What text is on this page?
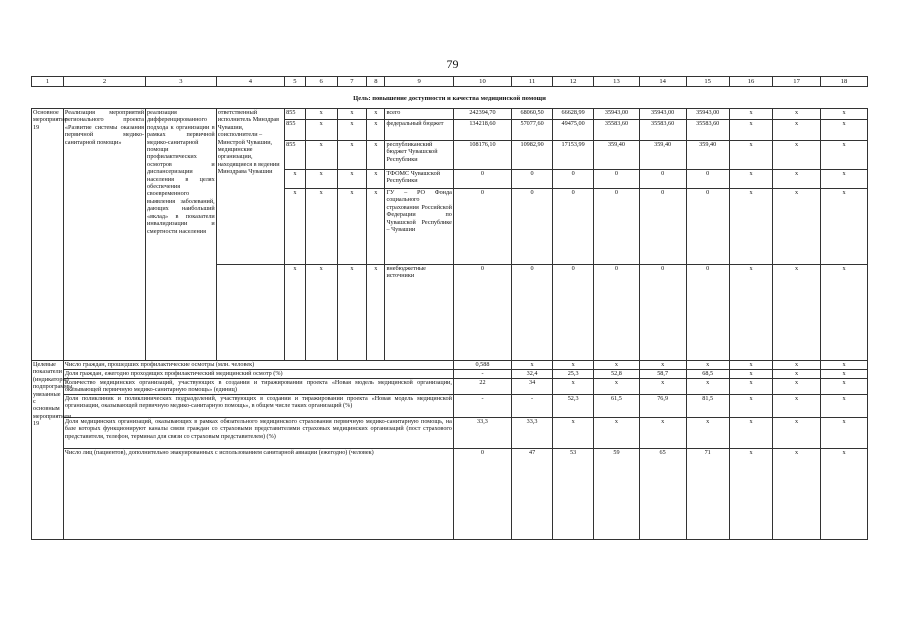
79
1	2	3	4	5	6	7	8	9	10	11	12	13	14	15	16	17	18
Цель: повышение доступности и качества медицинской помощи																	
Основное мероприятие 19	Реализация мероприятий регионального проекта «Развитие системы оказания первичной медико-санитарной помощи»	реализация дифференцированного подхода к организации в рамках первичной медико-санитарной помощи профилактических осмотров и диспансеризации населения в целях обеспечения своевременного выявления заболеваний, дающих наибольший «вклад» в показатели инвалидизации и смертности населения	ответственный исполнитель Минздрав Чувашии, соисполнители – Минстрой Чувашии, медицинские организации, находящиеся в ведении Минздрава Чувашии	855	х	х	х	всего	242394,70	68060,50	66628,99	35943,00	35943,00	35943,00	х	х	х
				855	х	х	х	федеральный бюджет	134218,60	57077,60	49475,00	35583,60	35583,60	35583,60	х	х	х
				855	х	х	х	республиканский бюджет Чувашской Республики	108176,10	10982,90	17153,99	359,40	359,40	359,40	х	х	х
				х	х	х	х	ТФОМС Чувашской Республики	0	0	0	0	0	0	х	х	х
				х	х	х	х	ГУ – РО Фонда социального страхования Российской Федерации по Чувашской Республике – Чувашии	0	0	0	0	0	0	х	х	х
				х	х	х	х	внебюджетные источники	0	0	0	0	0	0	х	х	х
Целевые показатели (индикаторы) подпрограммы, увязанные с основным мероприятием 19	Число граждан, прошедших профилактические осмотры (млн. человек)								0,588	х	х	х	х	х	х	х	х
	Доля граждан, ежегодно проходящих профилактический медицинский осмотр (%)								-	32,4	25,3	52,8	58,7	68,5	х	х	х
	Количество медицинских организаций, участвующих в создании и тиражировании проекта «Новая модель медицинской организации, оказывающей первичную медико-санитарную помощь» (единиц)								22	34	х	х	х	х	х	х	х
	Доля поликлиник и поликлинических подразделений, участвующих в создании и тиражировании проекта «Новая модель медицинской организации, оказывающей первичную медико-санитарную помощь», в общем числе таких организаций (%)								-	-	52,3	61,5	76,9	81,5	х	х	х
	Доля медицинских организаций, оказывающих в рамках обязательного медицинского страхования первичную медико-санитарную помощь, на базе которых функционируют каналы связи граждан со страховыми представителями страховых медицинских организаций (пост страхового представителя, телефон, терминал для связи со страховым представителем) (%)								33,3	33,3	х	х	х	х	х	х	х
	Число лиц (пациентов), дополнительно эвакуированных с использованием санитарной авиации (ежегодно) (человек)								0	47	53	59	65	71	х	х	х
